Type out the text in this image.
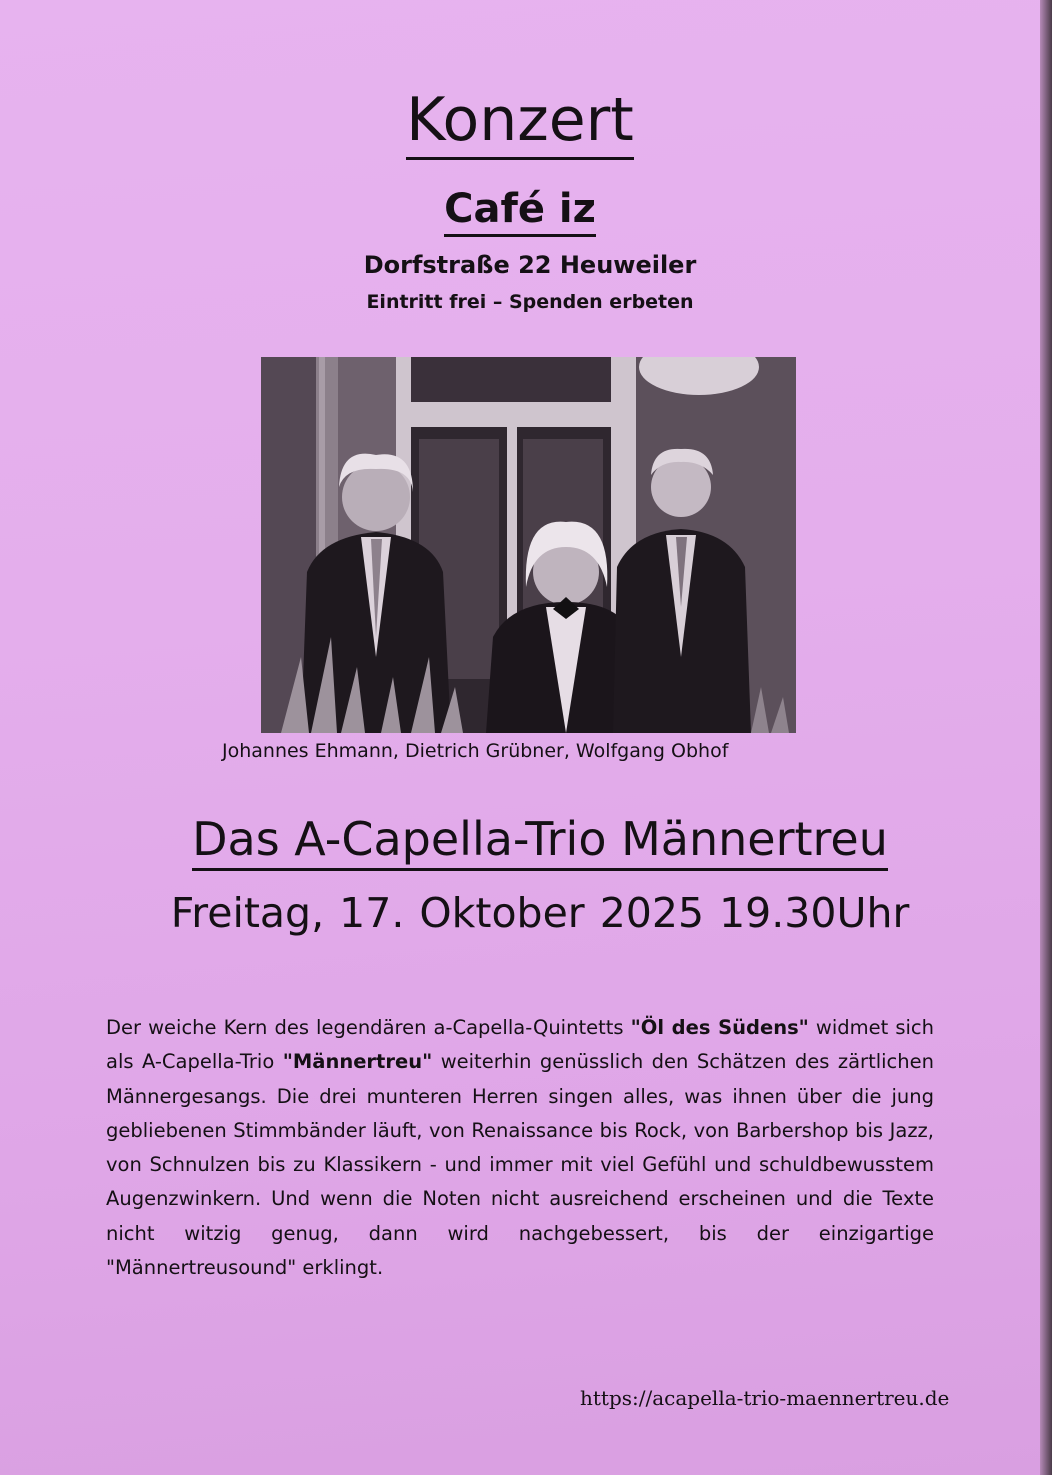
Konzert
Café iz
Dorfstraße 22 Heuweiler
Eintritt frei – Spenden erbeten
Johannes Ehmann, Dietrich Grübner, Wolfgang Obhof
Das A-Capella-Trio Männertreu
Freitag, 17. Oktober 2025 19.30Uhr
Der weiche Kern des legendären a-Capella-Quintetts "Öl des Südens" widmet sich als A-Capella-Trio "Männertreu" weiterhin genüsslich den Schätzen des zärtlichen Männergesangs. Die drei munteren Herren singen alles, was ihnen über die jung gebliebenen Stimmbänder läuft, von Renaissance bis Rock, von Barbershop bis Jazz, von Schnulzen bis zu Klassikern - und immer mit viel Gefühl und schuldbewusstem Augenzwinkern. Und wenn die Noten nicht ausreichend erscheinen und die Texte nicht witzig genug, dann wird nachgebessert, bis der einzigartige "Männertreusound" erklingt.
https://acapella-trio-maennertreu.de
